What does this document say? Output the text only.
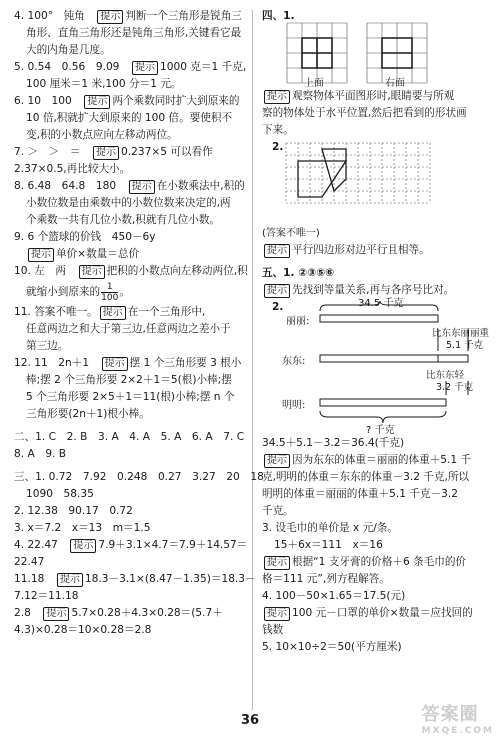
4. 100°　钝角　提示 判断一个三角形是锐角三
角形、直角三角形还是钝角三角形,关键看它最
大的内角是几度。
5. 0.54　0.56　9.09　提示 1000 克＝1 千克,
100 厘米＝1 米,100 分＝1 元。
6. 10　100　提示 两个乘数同时扩大到原来的
10 倍,积就扩大到原来的 100 倍。要使积不
变,积的小数点应向左移动两位。
7. ＞　＞　＝　提示 0.237×5 可以看作
2.37×0.5,再比较大小。
8. 6.48　64.8　180　提示 在小数乘法中,积的
小数位数是由乘数中的小数位数来决定的,两
个乘数一共有几位小数,积就有几位小数。
9. 6 个篮球的价钱　450－6y
提示 单价×数量＝总价
10. 左　两　提示 把积的小数点向左移动两位,积
就缩小到原来的 $\frac{1}{100}$ 。
11. 答案不唯一。 提示 在一个三角形中,
任意两边之和大于第三边,任意两边之差小于
第三边。
12. 11　2n＋1　提示 摆 1 个三角形要 3 根小
棒;摆 2 个三角形要 2×2＋1＝5(根)小棒;摆
5 个三角形要 2×5＋1＝11(根)小棒;摆 n 个
三角形要(2n＋1)根小棒。
二、1. C　2. B　3. A　4. A　5. A　6. A　7. C
8. A　9. B
三、1. 0.72　7.92　0.248　0.27　3.27　20　18
1090　58.35
2. 12.38　90.17　0.72
3. x＝7.2　x＝13　m＝1.5
4. 22.47　提示 7.9＋3.1×4.7＝7.9＋14.57＝
22.47
11.18　提示 18.3－3.1×(8.47－1.35)＝18.3－
7.12＝11.18
2.8　提示 5.7×0.28＋4.3×0.28＝(5.7＋
4.3)×0.28＝10×0.28＝2.8
四、1.
上面	右面
提示 观察物体平面图形时,眼睛要与所观
察的物体处于水平位置,然后把看到的形状画
下来。
2.
(答案不唯一)
提示 平行四边形对边平行且相等。
五、1. ②③⑤⑥
提示 先找到等量关系,再与各序号比对。
2.	34.5 千克
丽丽:
东东:
明明:
比东东丽丽重
5.1 千克
比东东轻
3.2 千克
? 千克
34.5＋5.1－3.2＝36.4(千克)
提示 因为东东的体重＝丽丽的体重＋5.1 千
克,明明的体重＝东东的体重－3.2 千克,所以
明明的体重＝丽丽的体重＋5.1 千克－3.2
千克。
3. 设毛巾的单价是 x 元/条。
15＋6x＝111　x＝16
提示 根据“1 支牙膏的价格＋6 条毛巾的价
格＝111 元”,列方程解答。
4. 100－50×1.65＝17.5(元)
提示 100 元－口罩的单价×数量＝应找回的
钱数
5. 10×10÷2＝50(平方厘米)
36	答案圈
MXQE.COM
